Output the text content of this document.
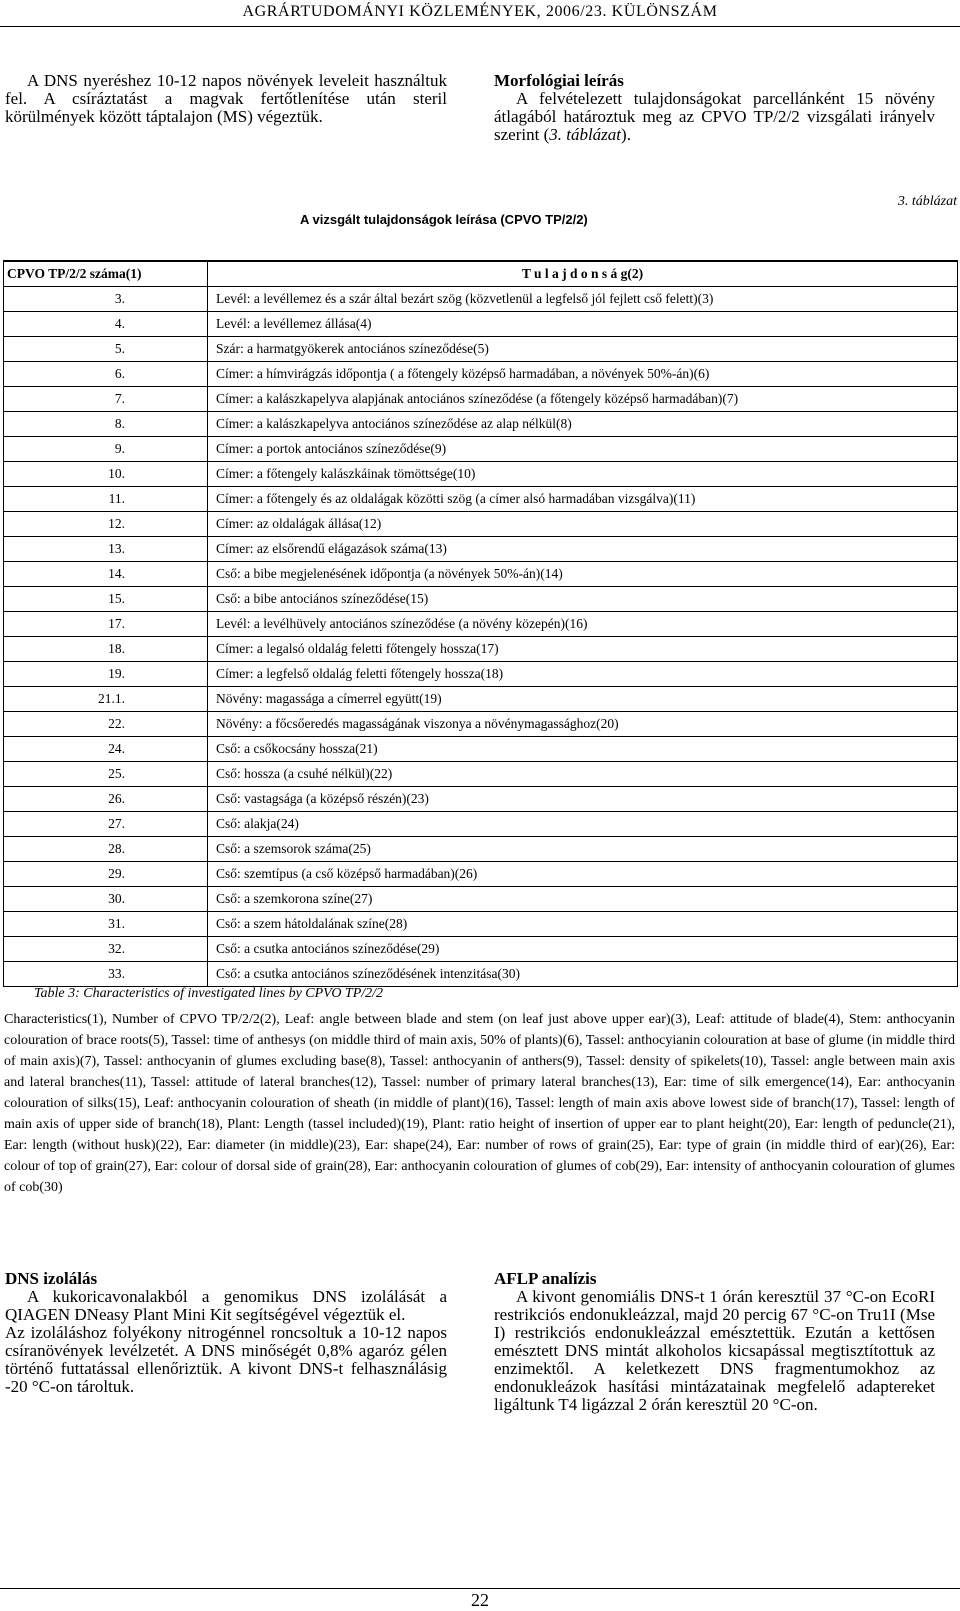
AGRÁRTUDOMÁNYI KÖZLEMÉNYEK, 2006/23. KÜLÖNSZÁM
A DNS nyeréshez 10-12 napos növények leveleit használtuk fel. A csíráztatást a magvak fertőtlenítése után steril körülmények között táptalajon (MS) végeztük.
Morfológiai leírás
A felvételezett tulajdonságokat parcellánként 15 növény átlagából határoztuk meg az CPVO TP/2/2 vizsgálati irányelv szerint (3. táblázat).
3. táblázat
A vizsgált tulajdonságok leírása (CPVO TP/2/2)
CPVO TP/2/2 száma(1)	T u l a j d o n s á g(2)
3.	Levél: a levéllemez és a szár által bezárt szög (közvetlenül a legfelső jól fejlett cső felett)(3)
4.	Levél: a levéllemez állása(4)
5.	Szár: a harmatgyökerek antociános színeződése(5)
6.	Címer: a hímvirágzás időpontja ( a főtengely középső harmadában, a növények 50%-án)(6)
7.	Címer: a kalászkapelyva alapjának antociános színeződése (a főtengely középső harmadában)(7)
8.	Címer: a kalászkapelyva antociános színeződése az alap nélkül(8)
9.	Címer: a portok antociános színeződése(9)
10.	Címer: a főtengely kalászkáinak tömöttsége(10)
11.	Címer: a főtengely és az oldalágak közötti szög (a címer alsó harmadában vizsgálva)(11)
12.	Címer: az oldalágak állása(12)
13.	Címer: az elsőrendű elágazások száma(13)
14.	Cső: a bibe megjelenésének időpontja (a növények 50%-án)(14)
15.	Cső: a bibe antociános színeződése(15)
17.	Levél: a levélhüvely antociános színeződése (a növény közepén)(16)
18.	Címer: a legalsó oldalág feletti főtengely hossza(17)
19.	Címer: a legfelső oldalág feletti főtengely hossza(18)
21.1.	Növény: magassága a címerrel együtt(19)
22.	Növény: a főcsőeredés magasságának viszonya a növénymagassághoz(20)
24.	Cső: a csőkocsány hossza(21)
25.	Cső: hossza (a csuhé nélkül)(22)
26.	Cső: vastagsága (a középső részén)(23)
27.	Cső: alakja(24)
28.	Cső: a szemsorok száma(25)
29.	Cső: szemtípus (a cső középső harmadában)(26)
30.	Cső: a szemkorona színe(27)
31.	Cső: a szem hátoldalának színe(28)
32.	Cső: a csutka antociános színeződése(29)
33.	Cső: a csutka antociános színeződésének intenzitása(30)
Table 3: Characteristics of investigated lines by CPVO TP/2/2
Characteristics(1), Number of CPVO TP/2/2(2), Leaf: angle between blade and stem (on leaf just above upper ear)(3), Leaf: attitude of blade(4), Stem: anthocyanin colouration of brace roots(5), Tassel: time of anthesys (on middle third of main axis, 50% of plants)(6), Tassel: anthocyianin colouration at base of glume (in middle third of main axis)(7), Tassel: anthocyanin of glumes excluding base(8), Tassel: anthocyanin of anthers(9), Tassel: density of spikelets(10), Tassel: angle between main axis and lateral branches(11), Tassel: attitude of lateral branches(12), Tassel: number of primary lateral branches(13), Ear: time of silk emergence(14), Ear: anthocyanin colouration of silks(15), Leaf: anthocyanin colouration of sheath (in middle of plant)(16), Tassel: length of main axis above lowest side of branch(17), Tassel: length of main axis of upper side of branch(18), Plant: Length (tassel included)(19), Plant: ratio height of insertion of upper ear to plant height(20), Ear: length of peduncle(21), Ear: length (without husk)(22), Ear: diameter (in middle)(23), Ear: shape(24), Ear: number of rows of grain(25), Ear: type of grain (in middle third of ear)(26), Ear: colour of top of grain(27), Ear: colour of dorsal side of grain(28), Ear: anthocyanin colouration of glumes of cob(29), Ear: intensity of anthocyanin colouration of glumes of cob(30)
DNS izolálás
A kukoricavonalakból a genomikus DNS izolálását a QIAGEN DNeasy Plant Mini Kit segítségével végeztük el.
Az izoláláshoz folyékony nitrogénnel roncsoltuk a 10-12 napos csíranövények levélzetét. A DNS minőségét 0,8% agaróz gélen történő futtatással ellenőriztük. A kivont DNS-t felhasználásig -20 °C-on tároltuk.
AFLP analízis
A kivont genomiális DNS-t 1 órán keresztül 37 °C-on EcoRI restrikciós endonukleázzal, majd 20 percig 67 °C-on Tru1I (Mse I) restrikciós endonukleázzal emésztettük. Ezután a kettősen emésztett DNS mintát alkoholos kicsapással megtisztítottuk az enzimektől. A keletkezett DNS fragmentumokhoz az endonukleázok hasítási mintázatainak megfelelő adaptereket ligáltunk T4 ligázzal 2 órán keresztül 20 °C-on.
22
